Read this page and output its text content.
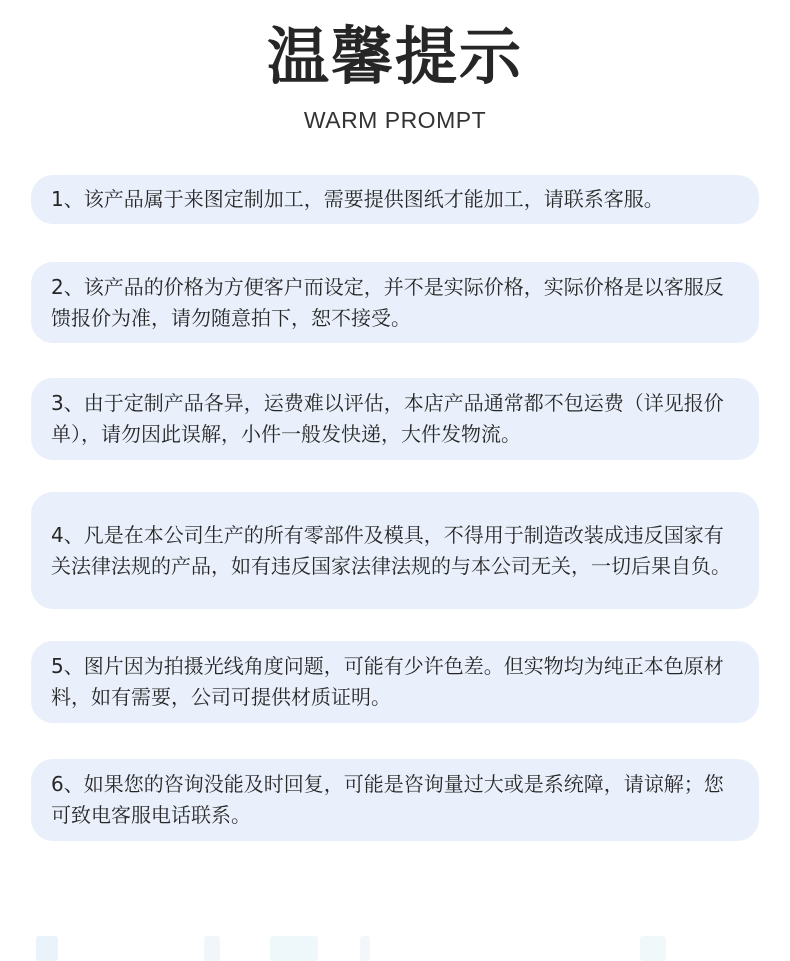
温馨提示
WARM PROMPT
1、该产品属于来图定制加工，需要提供图纸才能加工，请联系客服。
2、该产品的价格为方便客户而设定，并不是实际价格，实际价格是以客服反馈报价为准，请勿随意拍下，恕不接受。
3、由于定制产品各异，运费难以评估，本店产品通常都不包运费（详见报价单），请勿因此误解，小件一般发快递，大件发物流。
4、凡是在本公司生产的所有零部件及模具，不得用于制造改装成违反国家有关法律法规的产品，如有违反国家法律法规的与本公司无关，一切后果自负。
5、图片因为拍摄光线角度问题，可能有少许色差。但实物均为纯正本色原材料，如有需要，公司可提供材质证明。
6、如果您的咨询没能及时回复，可能是咨询量过大或是系统障，请谅解；您可致电客服电话联系。
